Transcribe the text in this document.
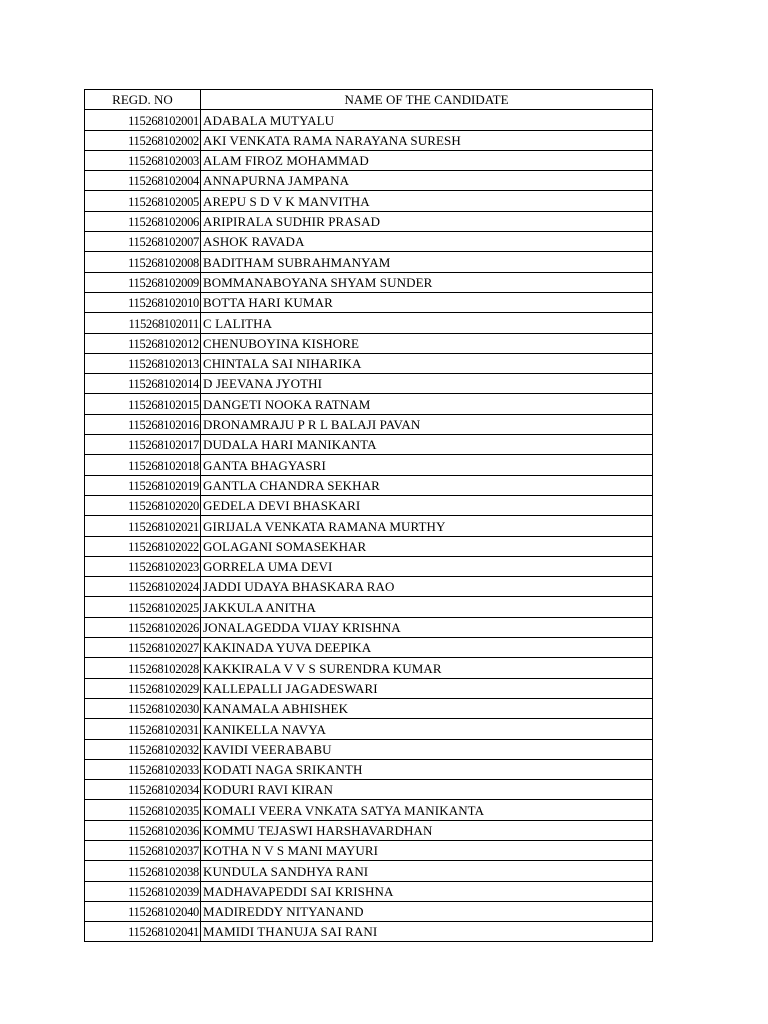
REGD. NO	NAME OF THE CANDIDATE
115268102001	ADABALA MUTYALU
115268102002	AKI VENKATA RAMA NARAYANA SURESH
115268102003	ALAM FIROZ MOHAMMAD
115268102004	ANNAPURNA JAMPANA
115268102005	AREPU S D V K MANVITHA
115268102006	ARIPIRALA SUDHIR PRASAD
115268102007	ASHOK RAVADA
115268102008	BADITHAM SUBRAHMANYAM
115268102009	BOMMANABOYANA SHYAM SUNDER
115268102010	BOTTA HARI KUMAR
115268102011	C LALITHA
115268102012	CHENUBOYINA KISHORE
115268102013	CHINTALA SAI NIHARIKA
115268102014	D JEEVANA JYOTHI
115268102015	DANGETI NOOKA RATNAM
115268102016	DRONAMRAJU P R L BALAJI PAVAN
115268102017	DUDALA HARI MANIKANTA
115268102018	GANTA BHAGYASRI
115268102019	GANTLA CHANDRA SEKHAR
115268102020	GEDELA DEVI BHASKARI
115268102021	GIRIJALA VENKATA RAMANA MURTHY
115268102022	GOLAGANI SOMASEKHAR
115268102023	GORRELA UMA DEVI
115268102024	JADDI UDAYA BHASKARA RAO
115268102025	JAKKULA ANITHA
115268102026	JONALAGEDDA VIJAY KRISHNA
115268102027	KAKINADA YUVA DEEPIKA
115268102028	KAKKIRALA V V S SURENDRA KUMAR
115268102029	KALLEPALLI JAGADESWARI
115268102030	KANAMALA ABHISHEK
115268102031	KANIKELLA NAVYA
115268102032	KAVIDI VEERABABU
115268102033	KODATI NAGA SRIKANTH
115268102034	KODURI RAVI KIRAN
115268102035	KOMALI VEERA VNKATA SATYA MANIKANTA
115268102036	KOMMU TEJASWI HARSHAVARDHAN
115268102037	KOTHA N V S MANI MAYURI
115268102038	KUNDULA SANDHYA RANI
115268102039	MADHAVAPEDDI SAI KRISHNA
115268102040	MADIREDDY NITYANAND
115268102041	MAMIDI THANUJA SAI RANI
